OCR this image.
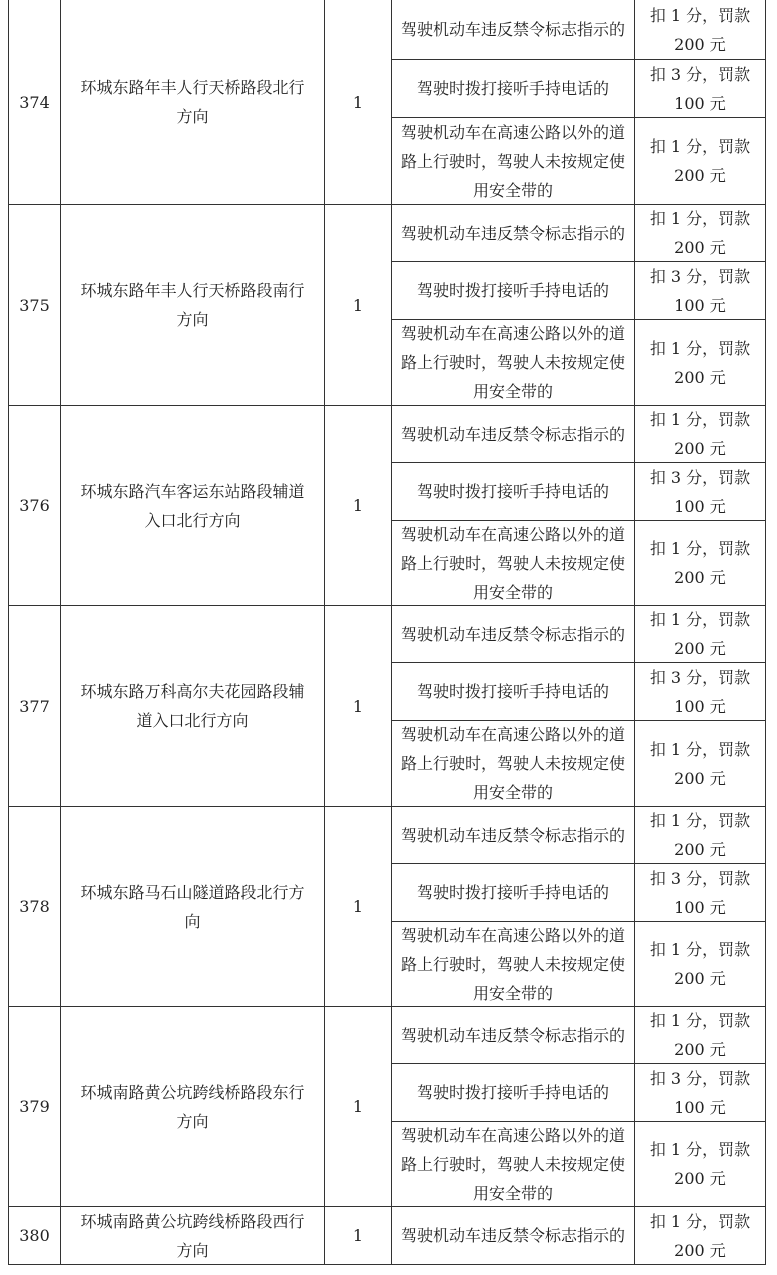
374
环城东路年丰人行天桥路段北行方向
1
驾驶机动车违反禁令标志指示的
扣 1 分，罚款 200 元
驾驶时拨打接听手持电话的
扣 3 分，罚款 100 元
驾驶机动车在高速公路以外的道路上行驶时，驾驶人未按规定使用安全带的
扣 1 分，罚款 200 元
375
环城东路年丰人行天桥路段南行方向
1
驾驶机动车违反禁令标志指示的
扣 1 分，罚款 200 元
驾驶时拨打接听手持电话的
扣 3 分，罚款 100 元
驾驶机动车在高速公路以外的道路上行驶时，驾驶人未按规定使用安全带的
扣 1 分，罚款 200 元
376
环城东路汽车客运东站路段辅道入口北行方向
1
驾驶机动车违反禁令标志指示的
扣 1 分，罚款 200 元
驾驶时拨打接听手持电话的
扣 3 分，罚款 100 元
驾驶机动车在高速公路以外的道路上行驶时，驾驶人未按规定使用安全带的
扣 1 分，罚款 200 元
377
环城东路万科高尔夫花园路段辅道入口北行方向
1
驾驶机动车违反禁令标志指示的
扣 1 分，罚款 200 元
驾驶时拨打接听手持电话的
扣 3 分，罚款 100 元
驾驶机动车在高速公路以外的道路上行驶时，驾驶人未按规定使用安全带的
扣 1 分，罚款 200 元
378
环城东路马石山隧道路段北行方向
1
驾驶机动车违反禁令标志指示的
扣 1 分，罚款 200 元
驾驶时拨打接听手持电话的
扣 3 分，罚款 100 元
驾驶机动车在高速公路以外的道路上行驶时，驾驶人未按规定使用安全带的
扣 1 分，罚款 200 元
379
环城南路黄公坑跨线桥路段东行方向
1
驾驶机动车违反禁令标志指示的
扣 1 分，罚款 200 元
驾驶时拨打接听手持电话的
扣 3 分，罚款 100 元
驾驶机动车在高速公路以外的道路上行驶时，驾驶人未按规定使用安全带的
扣 1 分，罚款 200 元
380
环城南路黄公坑跨线桥路段西行方向
1	驾驶机动车违反禁令标志指示的
扣 1 分，罚款 200 元
